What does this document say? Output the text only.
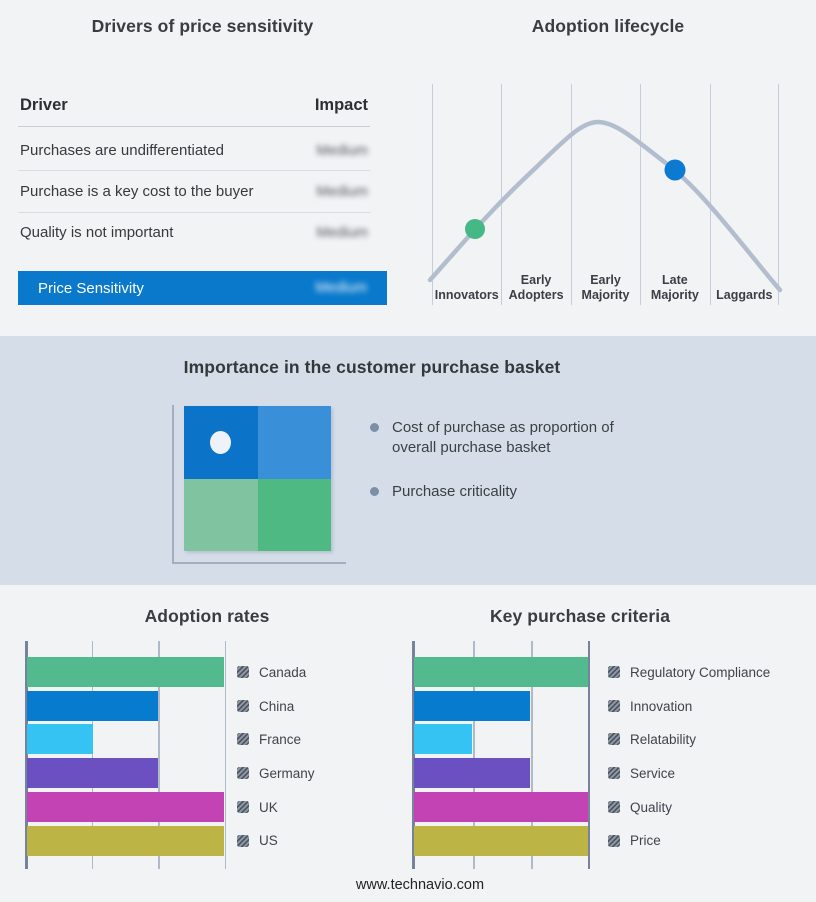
Drivers of price sensitivity
Driver	Impact
Purchases are undifferentiated	Medium
Purchase is a key cost to the buyer	Medium
Quality is not important	Medium
Price Sensitivity	Medium
Adoption lifecycle
Innovators
Early Adopters
Early Majority
Late Majority	Laggards
Importance in the customer purchase basket
Cost of purchase as proportion of overall purchase basket
Purchase criticality
Adoption rates
Canada
China
France
Germany
UK
US
Key purchase criteria
Regulatory Compliance
Innovation
Relatability
Service
Quality
Price
www.technavio.com
